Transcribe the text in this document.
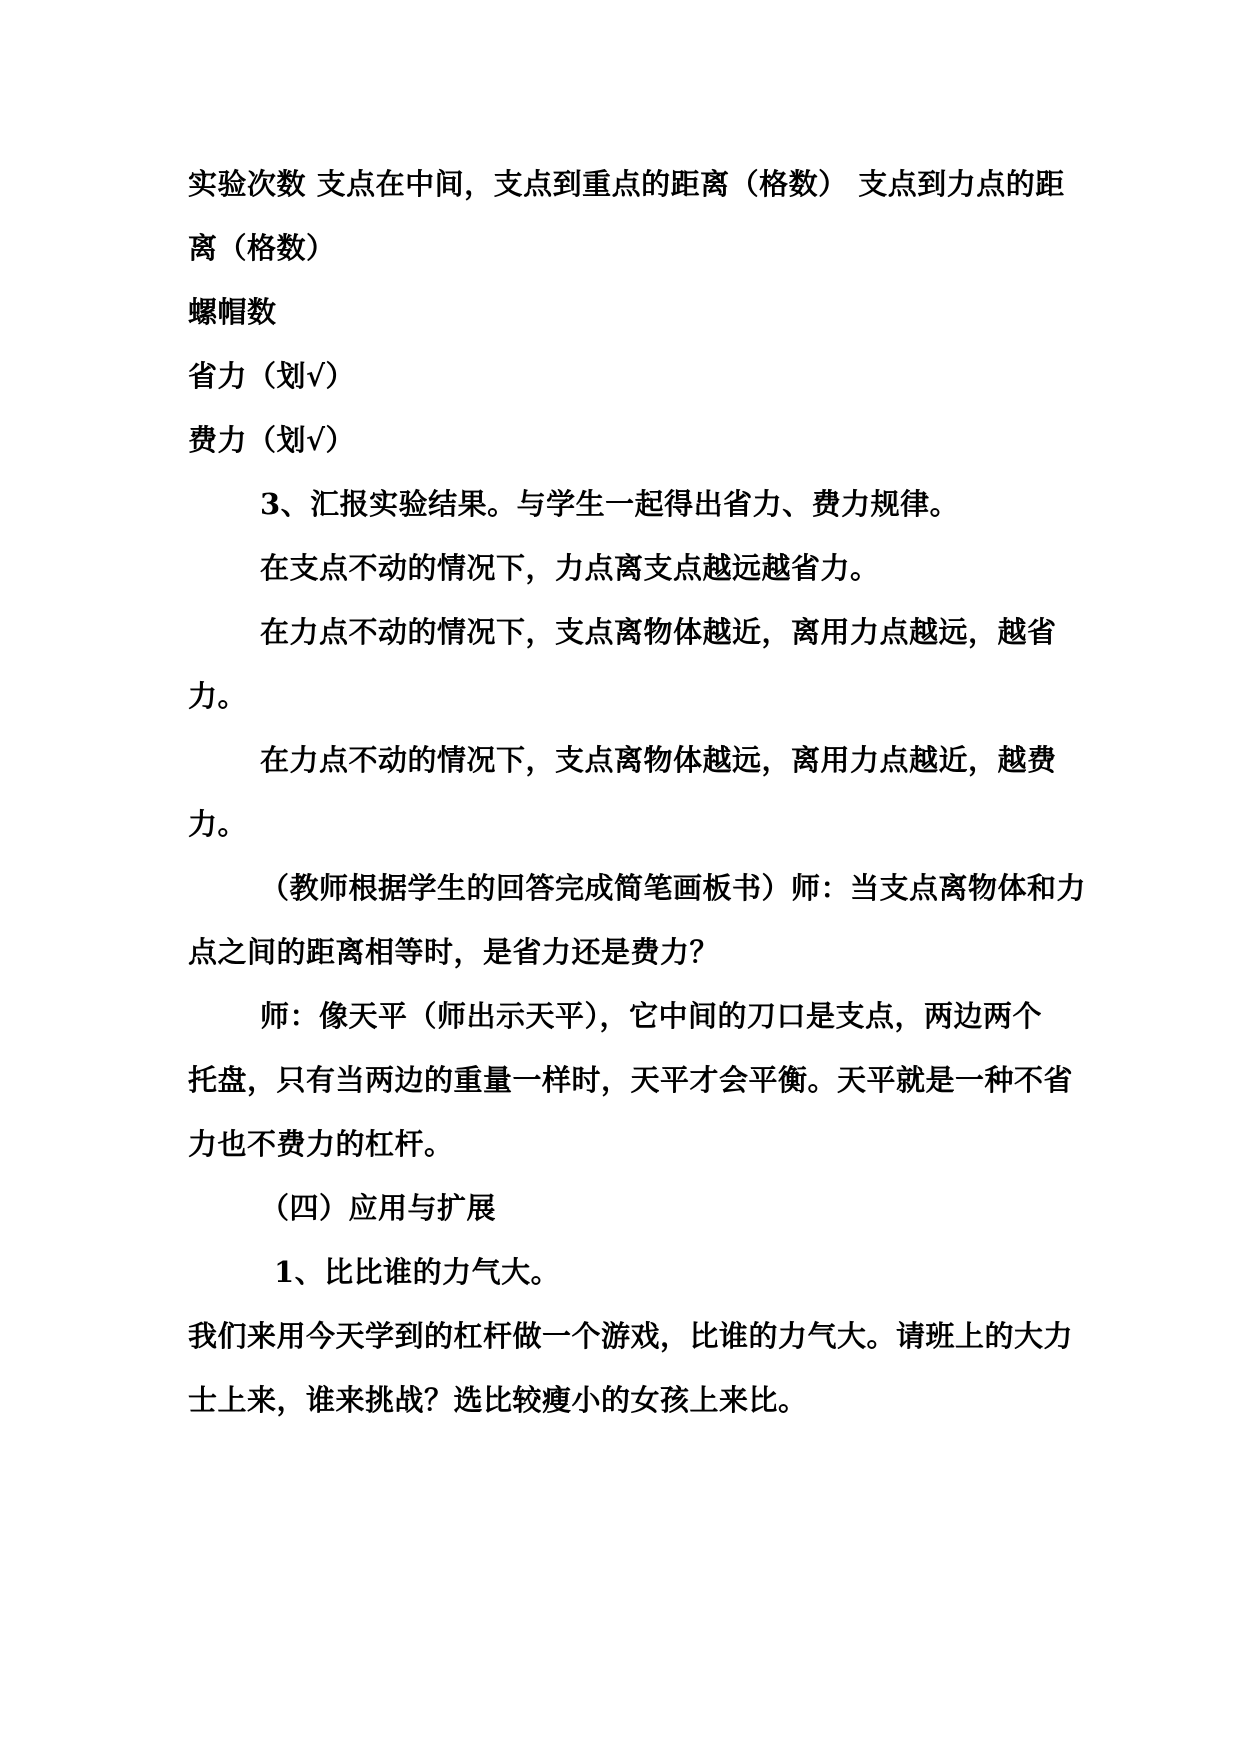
实验次数 支点在中间，支点到重点的距离（格数） 支点到力点的距
离（格数）
螺帽数
省力（划√）
费力（划√）
3、汇报实验结果。与学生一起得出省力、费力规律。
在支点不动的情况下，力点离支点越远越省力。
在力点不动的情况下，支点离物体越近，离用力点越远，越省
力。
在力点不动的情况下，支点离物体越远，离用力点越近，越费
力。
（教师根据学生的回答完成简笔画板书）师：当支点离物体和力
点之间的距离相等时，是省力还是费力？
师：像天平（师出示天平），它中间的刀口是支点，两边两个
托盘，只有当两边的重量一样时，天平才会平衡。天平就是一种不省
力也不费力的杠杆。
（四）应用与扩展
1、比比谁的力气大。
我们来用今天学到的杠杆做一个游戏，比谁的力气大。请班上的大力
士上来，谁来挑战？选比较瘦小的女孩上来比。
